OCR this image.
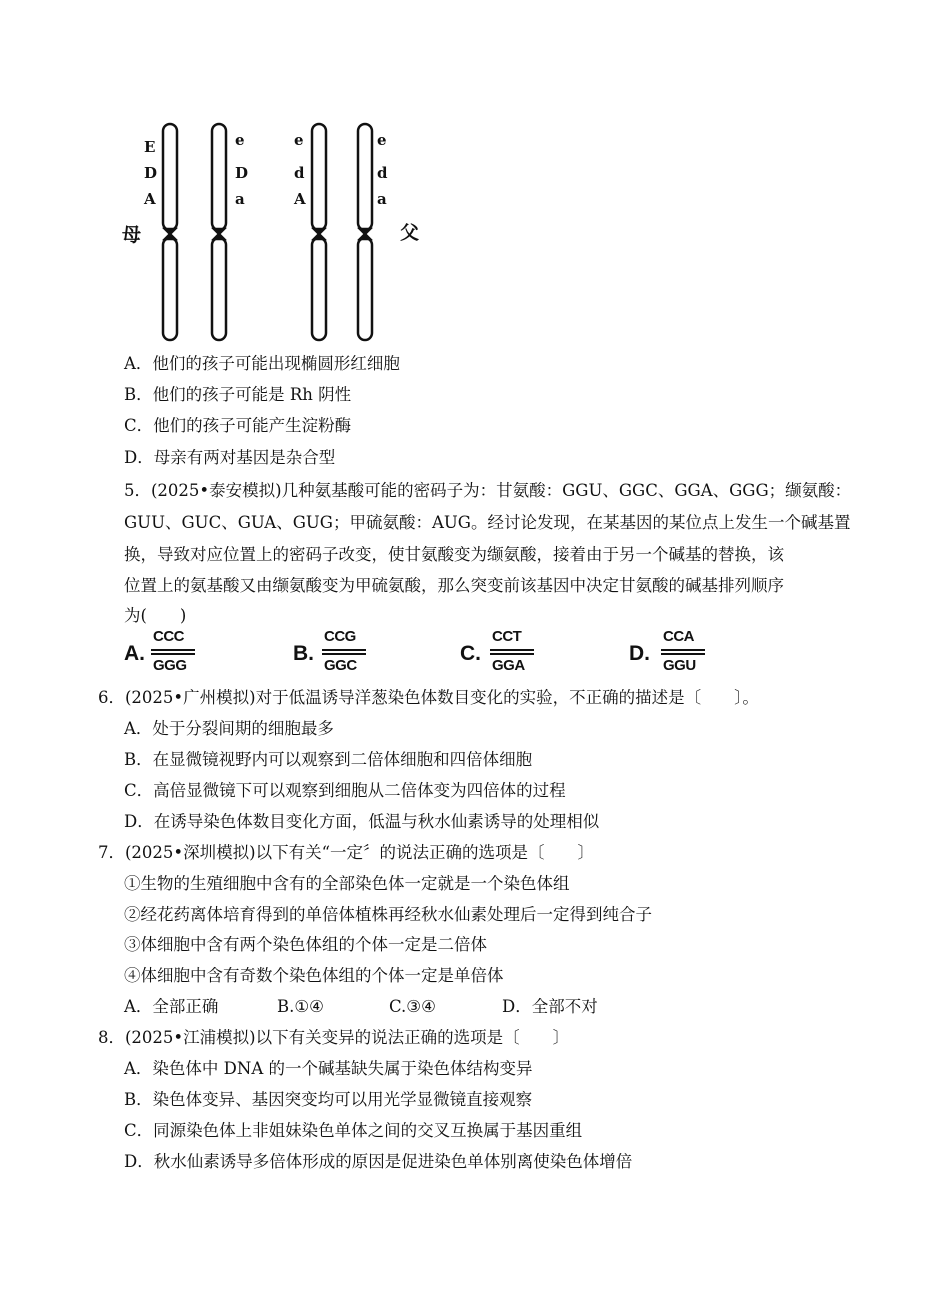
E
D
A
e
D
a
e
d
A
e
d
a
母	父
A．他们的孩子可能出现椭圆形红细胞
B．他们的孩子可能是 Rh 阴性
C．他们的孩子可能产生淀粉酶
D．母亲有两对基因是杂合型
5．(2025•泰安模拟)几种氨基酸可能的密码子为：甘氨酸：GGU、GGC、GGA、GGG；缬氨酸：
GUU、GUC、GUA、GUG；甲硫氨酸：AUG。经讨论发现，在某基因的某位点上发生一个碱基置
换，导致对应位置上的密码子改变，使甘氨酸变为缬氨酸，接着由于另一个碱基的替换，该
位置上的氨基酸又由缬氨酸变为甲硫氨酸，那么突变前该基因中决定甘氨酸的碱基排列顺序
为(　　)
A.
CCC
GGG
B.
CCG
GGC
C.
CCT
GGA
D.
CCA
GGU
6．(2025•广州模拟)对于低温诱导洋葱染色体数目变化的实验，不正确的描述是〔　　〕。
A．处于分裂间期的细胞最多
B．在显微镜视野内可以观察到二倍体细胞和四倍体细胞
C．高倍显微镜下可以观察到细胞从二倍体变为四倍体的过程
D．在诱导染色体数目变化方面，低温与秋水仙素诱导的处理相似
7．(2025•深圳模拟)以下有关“一定〞的说法正确的选项是〔　　〕
①生物的生殖细胞中含有的全部染色体一定就是一个染色体组
②经花药离体培育得到的单倍体植株再经秋水仙素处理后一定得到纯合子
③体细胞中含有两个染色体组的个体一定是二倍体
④体细胞中含有奇数个染色体组的个体一定是单倍体
A．全部正确	B.①④	C.③④	D．全部不对
8．(2025•江浦模拟)以下有关变异的说法正确的选项是〔　　〕
A．染色体中 DNA 的一个碱基缺失属于染色体结构变异
B．染色体变异、基因突变均可以用光学显微镜直接观察
C．同源染色体上非姐妹染色单体之间的交叉互换属于基因重组
D．秋水仙素诱导多倍体形成的原因是促进染色单体别离使染色体增倍
